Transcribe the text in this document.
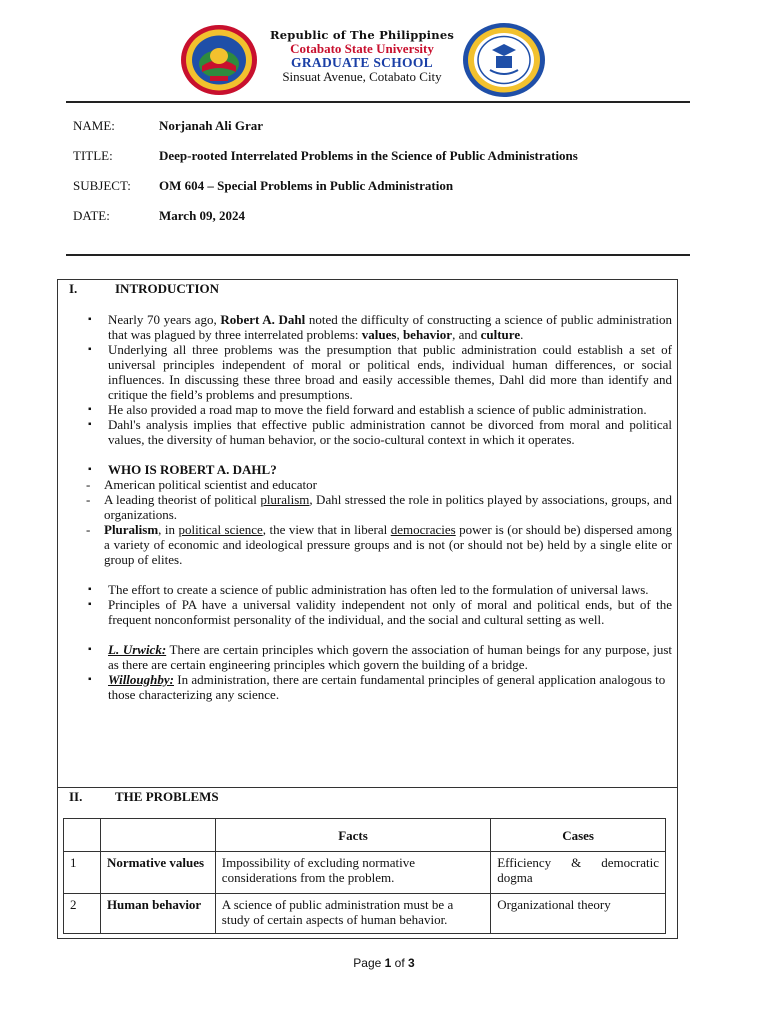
Republic of The Philippines
Cotabato State University
GRADUATE SCHOOL
Sinsuat Avenue, Cotabato City
NAME:	Norjanah Ali Grar
TITLE:	Deep-rooted Interrelated Problems in the Science of Public Administrations
SUBJECT: OM 604 – Special Problems in Public Administration
DATE:	March 09, 2024
I.	INTRODUCTION
▪ Nearly 70 years ago, Robert A. Dahl noted the difficulty of constructing a science of public administration that was plagued by three interrelated problems: values, behavior, and culture.
▪ Underlying all three problems was the presumption that public administration could establish a set of universal principles independent of moral or political ends, individual human differences, or social influences. In discussing these three broad and easily accessible themes, Dahl did more than identify and critique the field’s problems and presumptions.
▪ He also provided a road map to move the field forward and establish a science of public administration.
▪ Dahl's analysis implies that effective public administration cannot be divorced from moral and political values, the diversity of human behavior, or the socio-cultural context in which it operates.
▪ WHO IS ROBERT A. DAHL?
- American political scientist and educator
- A leading theorist of political pluralism, Dahl stressed the role in politics played by associations, groups, and organizations.
- Pluralism, in political science, the view that in liberal democracies power is (or should be) dispersed among a variety of economic and ideological pressure groups and is not (or should not be) held by a single elite or group of elites.
▪ The effort to create a science of public administration has often led to the formulation of universal laws.
▪ Principles of PA have a universal validity independent not only of moral and political ends, but of the frequent nonconformist personality of the individual, and the social and cultural setting as well.
▪ L. Urwick: There are certain principles which govern the association of human beings for any purpose, just as there are certain engineering principles which govern the building of a bridge.
▪ Willoughby: In administration, there are certain fundamental principles of general application analogous to those characterizing any science.
II.	THE PROBLEMS
		Facts	Cases
1	Normative values	Impossibility of excluding normative considerations from the problem.	Efficiency & democratic dogma
2	Human behavior	A science of public administration must be a study of certain aspects of human behavior.	Organizational theory
Page 1 of 3
